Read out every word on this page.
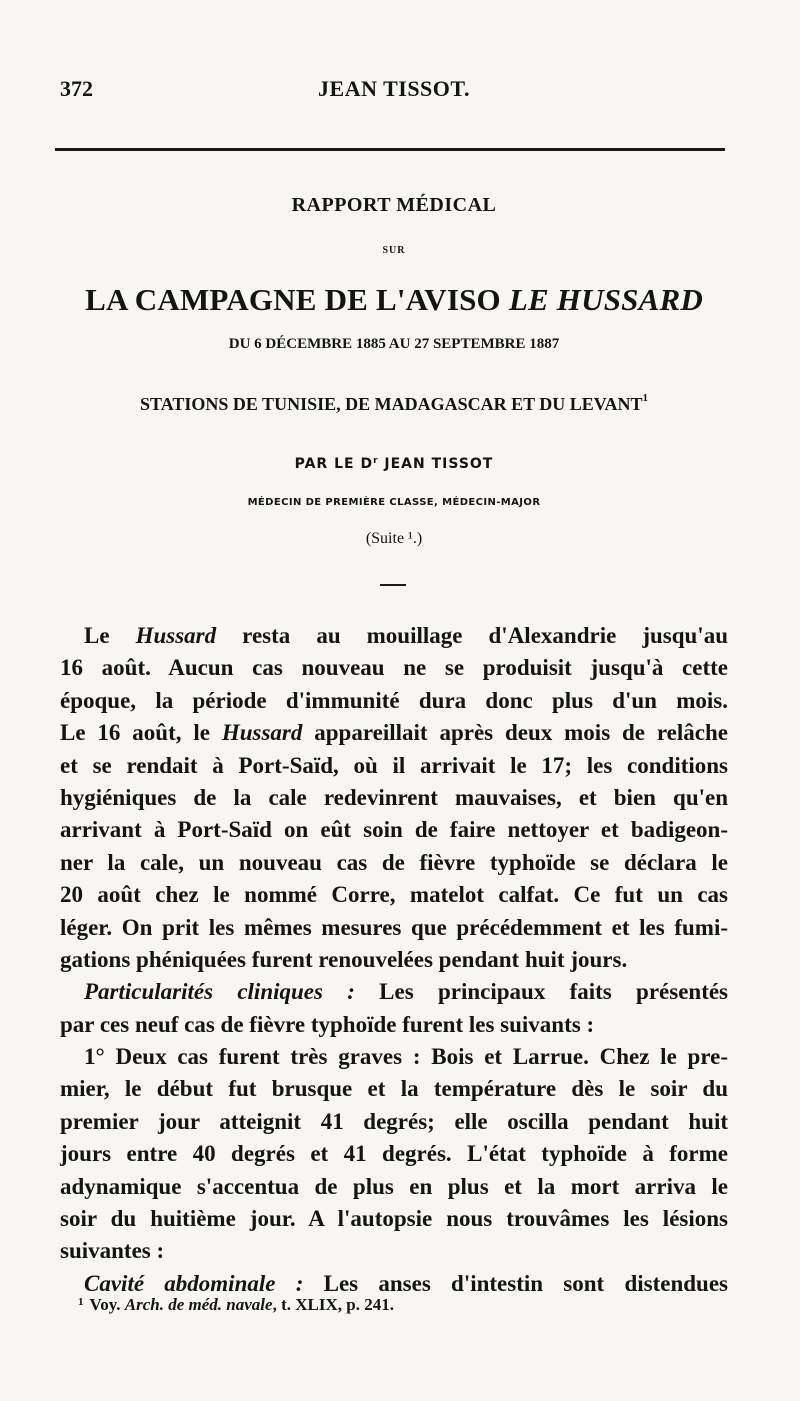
372	JEAN TISSOT.
RAPPORT MÉDICAL
SUR
LA CAMPAGNE DE L'AVISO LE HUSSARD
DU 6 DÉCEMBRE 1885 AU 27 SEPTEMBRE 1887
STATIONS DE TUNISIE, DE MADAGASCAR ET DU LEVANT$^1$
PAR LE $D^r$ JEAN TISSOT
MÉDECIN DE PREMIÈRE CLASSE, MÉDECIN-MAJOR
(Suite ¹.)
Le Hussard resta au mouillage d'Alexandrie jusqu'au
16 août. Aucun cas nouveau ne se produisit jusqu'à cette
époque, la période d'immunité dura donc plus d'un mois.
Le 16 août, le Hussard appareillait après deux mois de relâche
et se rendait à Port-Saïd, où il arrivait le 17; les conditions
hygiéniques de la cale redevinrent mauvaises, et bien qu'en
arrivant à Port-Saïd on eût soin de faire nettoyer et badigeon-
ner la cale, un nouveau cas de fièvre typhoïde se déclara le
20 août chez le nommé Corre, matelot calfat. Ce fut un cas
léger. On prit les mêmes mesures que précédemment et les fumi-
gations phéniquées furent renouvelées pendant huit jours.
Particularités cliniques : Les principaux faits présentés
par ces neuf cas de fièvre typhoïde furent les suivants :
1° Deux cas furent très graves : Bois et Larrue. Chez le pre-
mier, le début fut brusque et la température dès le soir du
premier jour atteignit 41 degrés; elle oscilla pendant huit
jours entre 40 degrés et 41 degrés. L'état typhoïde à forme
adynamique s'accentua de plus en plus et la mort arriva le
soir du huitième jour. A l'autopsie nous trouvâmes les lésions
suivantes :
Cavité abdominale : Les anses d'intestin sont distendues
$^1$ Voy. Arch. de méd. navale, t. XLIX, p. 241.
